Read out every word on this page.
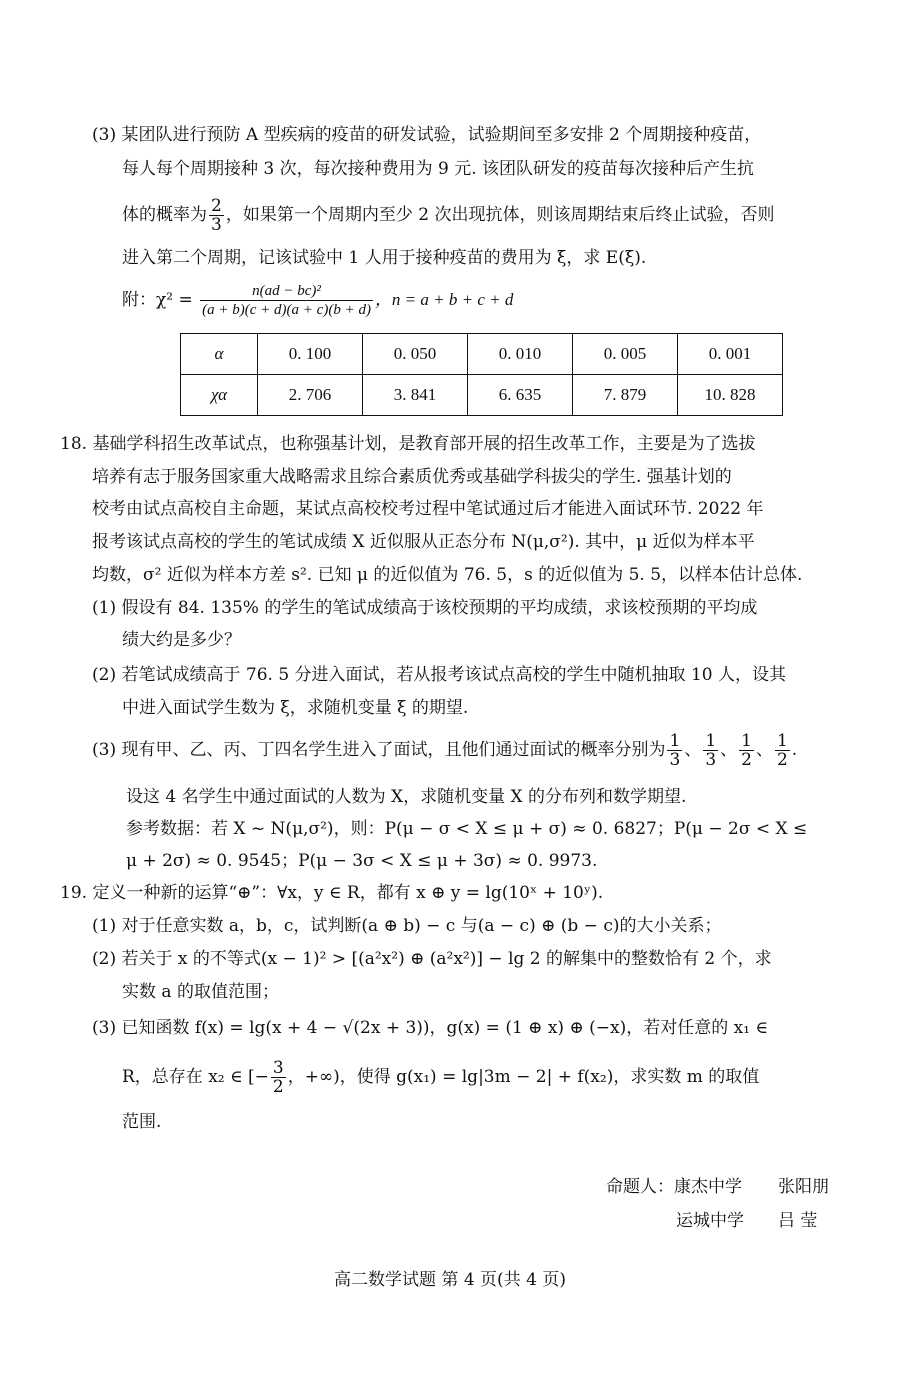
(3) 某团队进行预防 A 型疾病的疫苗的研发试验，试验期间至多安排 2 个周期接种疫苗，
每人每个周期接种 3 次，每次接种费用为 9 元. 该团队研发的疫苗每次接种后产生抗
体的概率为 $\frac{2}{3}$ ，如果第一个周期内至少 2 次出现抗体，则该周期结束后终止试验，否则
进入第二个周期，记该试验中 1 人用于接种疫苗的费用为 ξ，求 E(ξ).
附：$\chi^2 = \frac{\text{n(ad − bc)²}}{(a + b)(c + d)(a + c)(b + d)}$ ，n = a + b + c + d
α	0. 100	0. 050	0. 010	0. 005	0. 001
χα	2. 706	3. 841	6. 635	7. 879	10. 828
18. 基础学科招生改革试点，也称强基计划，是教育部开展的招生改革工作，主要是为了选拔
培养有志于服务国家重大战略需求且综合素质优秀或基础学科拔尖的学生. 强基计划的
校考由试点高校自主命题，某试点高校校考过程中笔试通过后才能进入面试环节. 2022 年
报考该试点高校的学生的笔试成绩 X 近似服从正态分布 N(μ,σ²). 其中，μ 近似为样本平
均数，σ² 近似为样本方差 s². 已知 μ 的近似值为 76. 5，s 的近似值为 5. 5，以样本估计总体.
(1) 假设有 84. 135% 的学生的笔试成绩高于该校预期的平均成绩，求该校预期的平均成
绩大约是多少？
(2) 若笔试成绩高于 76. 5 分进入面试，若从报考该试点高校的学生中随机抽取 10 人，设其
中进入面试学生数为 ξ，求随机变量 ξ 的期望.
(3) 现有甲、乙、丙、丁四名学生进入了面试，且他们通过面试的概率分别为 $\frac{1}{3}$ 、 $\frac{1}{3}$ 、 $\frac{1}{2}$ 、 $\frac{1}{2}$ .
设这 4 名学生中通过面试的人数为 X，求随机变量 X 的分布列和数学期望.
参考数据：若 X ~ N(μ,σ²)，则：P(μ − σ < X ≤ μ + σ) ≈ 0. 6827；P(μ − 2σ < X ≤
μ + 2σ) ≈ 0. 9545；P(μ − 3σ < X ≤ μ + 3σ) ≈ 0. 9973.
19. 定义一种新的运算“⊕”：∀x，y ∈ R，都有 x ⊕ y = lg(10ˣ + 10ʸ).
(1) 对于任意实数 a，b，c，试判断(a ⊕ b) − c 与(a − c) ⊕ (b − c)的大小关系；
(2) 若关于 x 的不等式(x − 1)² > [(a²x²) ⊕ (a²x²)] − lg 2 的解集中的整数恰有 2 个，求
实数 a 的取值范围；
(3) 已知函数 f(x) = lg(x + 4 − √(2x + 3))，g(x) = (1 ⊕ x) ⊕ (−x)，若对任意的 x₁ ∈
R，总存在 x₂ ∈ [− $\frac{3}{2}$ ，+∞)，使得 g(x₁) = lg|3m − 2| + f(x₂)，求实数 m 的取值
范围.
命题人：康杰中学 张阳朋
运城中学 吕 莹
高二数学试题 第 4 页(共 4 页)
